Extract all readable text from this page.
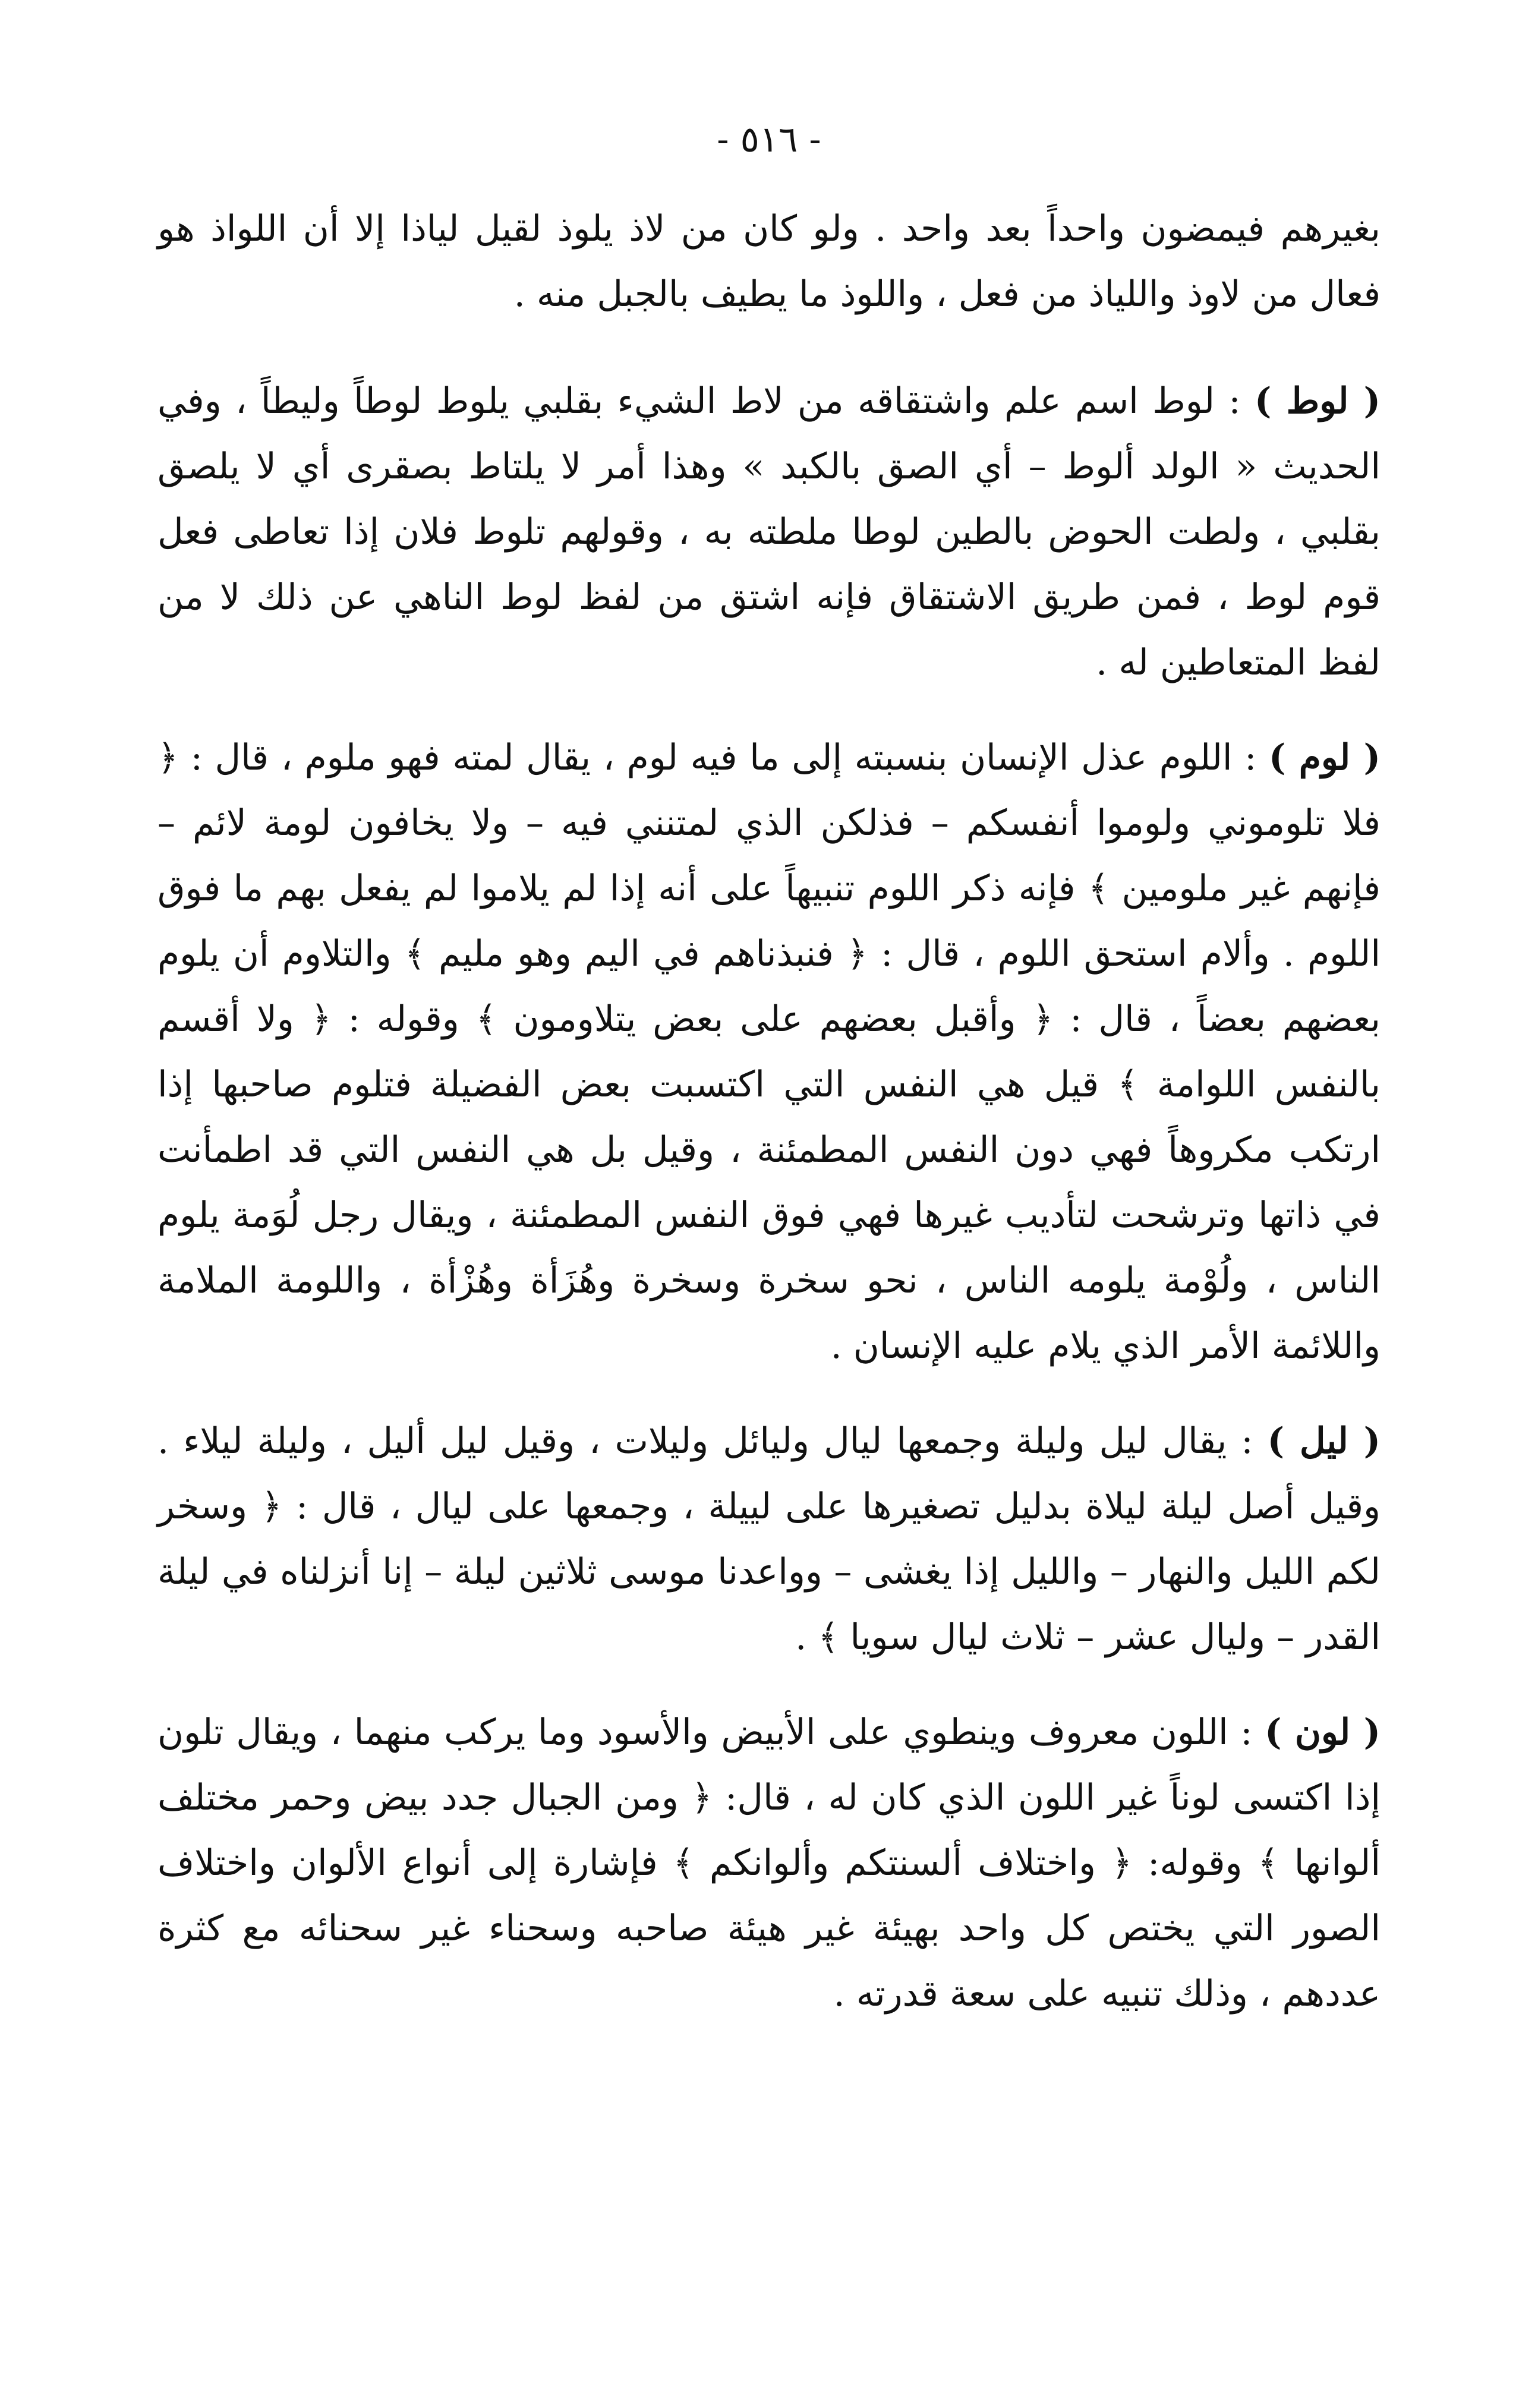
- ٥١٦ -

بغيرهم فيمضون واحداً بعد واحد . ولو كان من لاذ يلوذ لقيل لياذا إلا أن اللواذ هو فعال من لاوذ واللياذ من فعل ، واللوذ ما يطيف بالجبل منه .

( لوط ) : لوط اسم علم واشتقاقه من لاط الشيء بقلبي يلوط لوطاً وليطاً ، وفي الحديث « الولد ألوط – أي الصق بالكبد » وهذا أمر لا يلتاط بصقرى أي لا يلصق بقلبي ، ولطت الحوض بالطين لوطا ملطته به ، وقولهم تلوط فلان إذا تعاطى فعل قوم لوط ، فمن طريق الاشتقاق فإنه اشتق من لفظ لوط الناهي عن ذلك لا من لفظ المتعاطين له .

( لوم ) : اللوم عذل الإنسان بنسبته إلى ما فيه لوم ، يقال لمته فهو ملوم ، قال : ﴿ فلا تلوموني ولوموا أنفسكم – فذلكن الذي لمتنني فيه – ولا يخافون لومة لائم – فإنهم غير ملومين ﴾ فإنه ذكر اللوم تنبيهاً على أنه إذا لم يلاموا لم يفعل بهم ما فوق اللوم . وألام استحق اللوم ، قال : ﴿ فنبذناهم في اليم وهو مليم ﴾ والتلاوم أن يلوم بعضهم بعضاً ، قال : ﴿ وأقبل بعضهم على بعض يتلاومون ﴾ وقوله : ﴿ ولا أقسم بالنفس اللوامة ﴾ قيل هي النفس التي اكتسبت بعض الفضيلة فتلوم صاحبها إذا ارتكب مكروهاً فهي دون النفس المطمئنة ، وقيل بل هي النفس التي قد اطمأنت في ذاتها وترشحت لتأديب غيرها فهي فوق النفس المطمئنة ، ويقال رجل لُوَمة يلوم الناس ، ولُوْمة يلومه الناس ، نحو سخرة وسخرة وهُزَأة وهُزْأة ، واللومة الملامة واللائمة الأمر الذي يلام عليه الإنسان .

( ليل ) : يقال ليل وليلة وجمعها ليال وليائل وليلات ، وقيل ليل أليل ، وليلة ليلاء . وقيل أصل ليلة ليلاة بدليل تصغيرها على لييلة ، وجمعها على ليال ، قال : ﴿ وسخر لكم الليل والنهار – والليل إذا يغشى – وواعدنا موسى ثلاثين ليلة – إنا أنزلناه في ليلة القدر – وليال عشر – ثلاث ليال سويا ﴾ .

( لون ) : اللون معروف وينطوي على الأبيض والأسود وما يركب منهما ، ويقال تلون إذا اكتسى لوناً غير اللون الذي كان له ، قال: ﴿ ومن الجبال جدد بيض وحمر مختلف ألوانها ﴾ وقوله: ﴿ واختلاف ألسنتكم وألوانكم ﴾ فإشارة إلى أنواع الألوان واختلاف الصور التي يختص كل واحد بهيئة غير هيئة صاحبه وسحناء غير سحنائه مع كثرة عددهم ، وذلك تنبيه على سعة قدرته .
